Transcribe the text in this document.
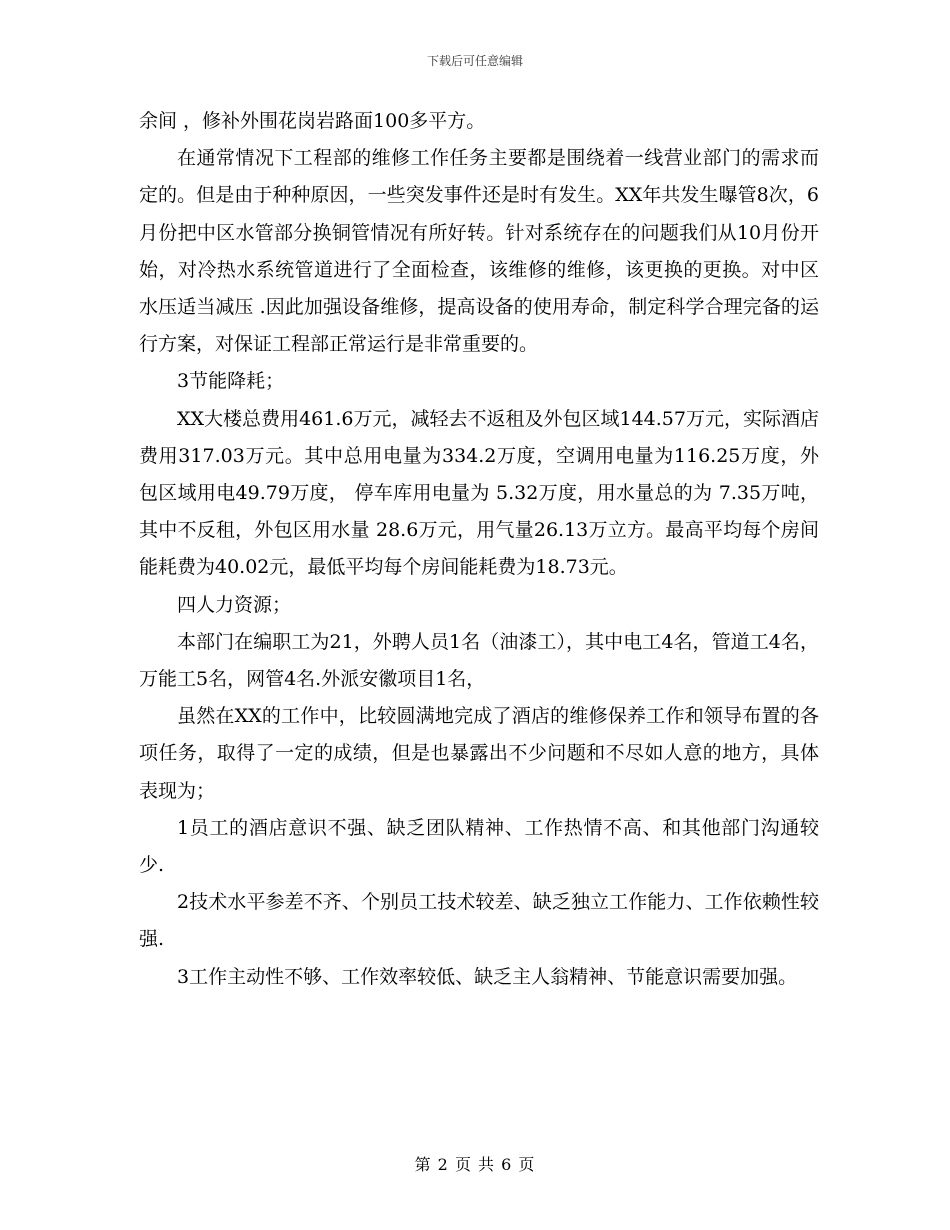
下载后可任意编辑

余间 ，修补外围花岗岩路面100多平方。

在通常情况下工程部的维修工作任务主要都是围绕着一线营业部门的需求而定的。但是由于种种原因，一些突发事件还是时有发生。XX年共发生曝管8次，6月份把中区水管部分换铜管情况有所好转。针对系统存在的问题我们从10月份开始，对冷热水系统管道进行了全面检查，该维修的维修，该更换的更换。对中区水压适当减压 .因此加强设备维修，提高设备的使用寿命，制定科学合理完备的运行方案，对保证工程部正常运行是非常重要的。

3节能降耗；

XX大楼总费用461.6万元，减轻去不返租及外包区域144.57万元，实际酒店费用317.03万元。其中总用电量为334.2万度，空调用电量为116.25万度，外包区域用电49.79万度， 停车库用电量为 5.32万度，用水量总的为 7.35万吨，其中不反租，外包区用水量 28.6万元，用气量26.13万立方。最高平均每个房间能耗费为40.02元，最低平均每个房间能耗费为18.73元。

四人力资源；

本部门在编职工为21，外聘人员1名（油漆工），其中电工4名，管道工4名，万能工5名，网管4名.外派安徽项目1名，

虽然在XX的工作中，比较圆满地完成了酒店的维修保养工作和领导布置的各项任务，取得了一定的成绩，但是也暴露出不少问题和不尽如人意的地方，具体表现为；

1员工的酒店意识不强、缺乏团队精神、工作热情不高、和其他部门沟通较少.

2技术水平参差不齐、个别员工技术较差、缺乏独立工作能力、工作依赖性较强.

3工作主动性不够、工作效率较低、缺乏主人翁精神、节能意识需要加强。

第 2 页 共 6 页
